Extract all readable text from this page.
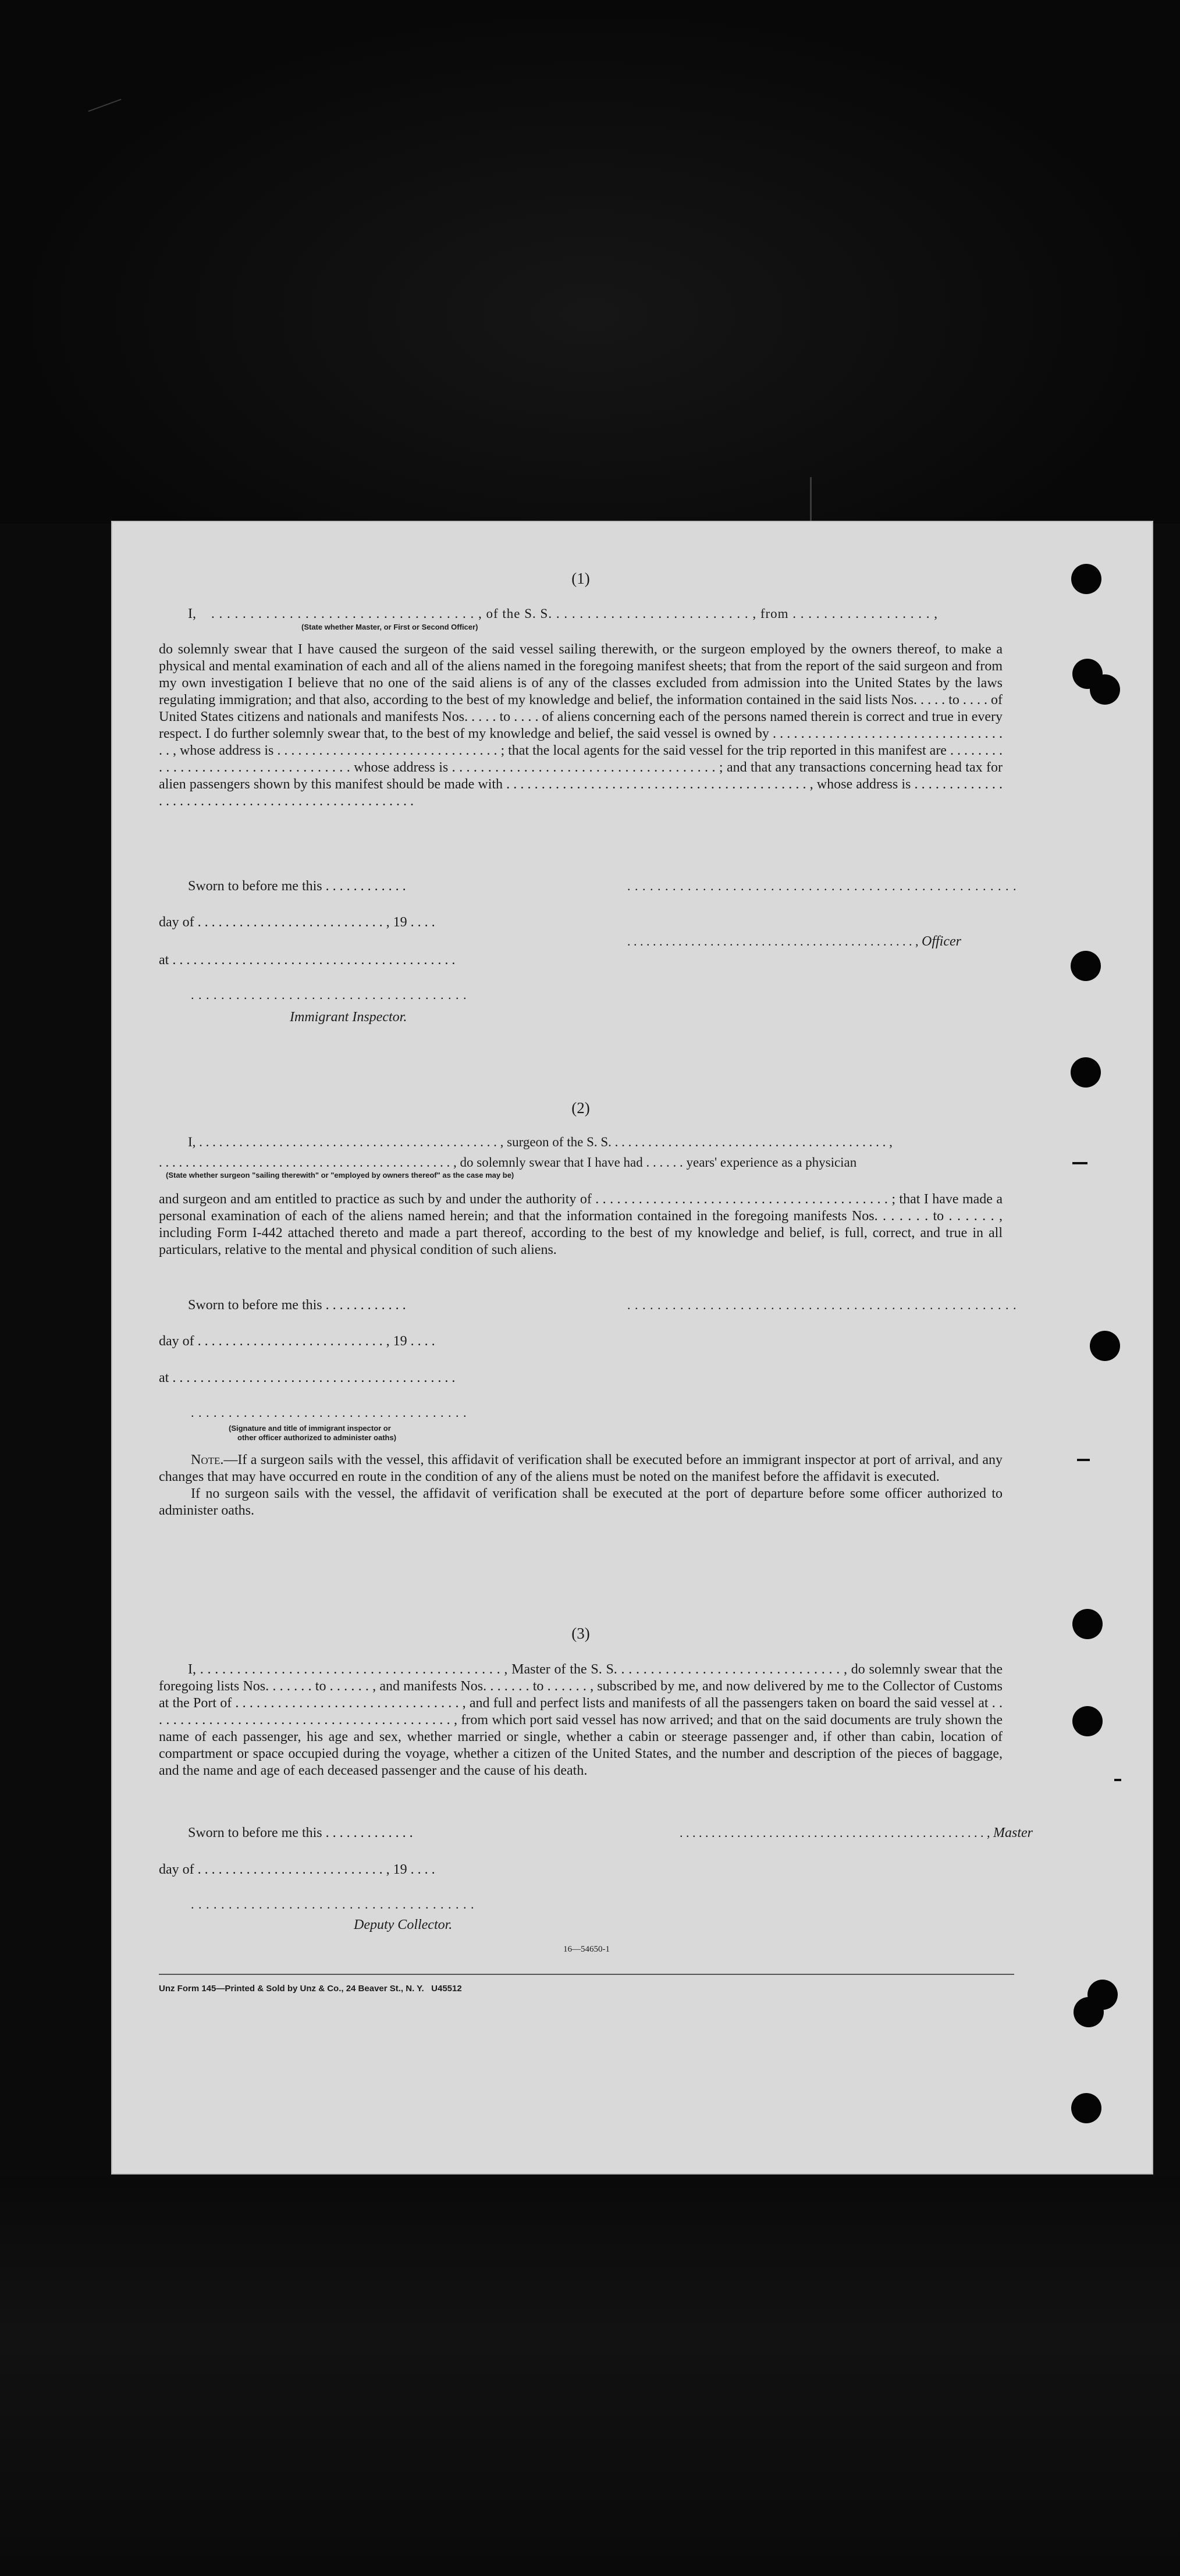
(1)
I, . . . . . . . . . . . . . . . . . . . . . . . . . . . . . . . . . . , of the S. S. . . . . . . . . . . . . . . . . . . . . . . . . . , from . . . . . . . . . . . . . . . . . . ,
(State whether Master, or First or Second Officer)

do solemnly swear that I have caused the surgeon of the said vessel sailing therewith, or the surgeon employed by the owners thereof, to make a physical and mental examination of each and all of the aliens named in the foregoing manifest sheets; that from the report of the said surgeon and from my own investigation I believe that no one of the said aliens is of any of the classes excluded from admission into the United States by the laws regulating immigration; and that also, according to the best of my knowledge and belief, the information contained in the said lists Nos. . . . . to . . . . of United States citizens and nationals and manifests Nos. . . . . to . . . . of aliens concerning each of the persons named therein is correct and true in every respect. I do further solemnly swear that, to the best of my knowledge and belief, the said vessel is owned by . . . . . . . . . . . . . . . . . . . . . . . . . . . . . . . . . . . , whose address is . . . . . . . . . . . . . . . . . . . . . . . . . . . . . . . . ; that the local agents for the said vessel for the trip reported in this manifest are . . . . . . . . . . . . . . . . . . . . . . . . . . . . . . . . . . . whose address is . . . . . . . . . . . . . . . . . . . . . . . . . . . . . . . . . . . . . ; and that any transactions concerning head tax for alien passengers shown by this manifest should be made with . . . . . . . . . . . . . . . . . . . . . . . . . . . . . . . . . . . . . . . . . . . , whose address is . . . . . . . . . . . . . . . . . . . . . . . . . . . . . . . . . . . . . . . . . . . . . . . . . .

Sworn to before me this . . . . . . . . . . . .	. . . . . . . . . . . . . . . . . . . . . . . . . . . . . . . . . . . . . . . . . . . . . . . . . . . .
day of . . . . . . . . . . . . . . . . . . . . . . . . . . . , 19 . . . .
. . . . . . . . . . . . . . . . . . . . . . . . . . . . . . . . . . . . . . . . . . . . . , Officer
at . . . . . . . . . . . . . . . . . . . . . . . . . . . . . . . . . . . . . . . . .
. . . . . . . . . . . . . . . . . . . . . . . . . . . . . . . . . . . . .
Immigrant Inspector.
(2)
I, . . . . . . . . . . . . . . . . . . . . . . . . . . . . . . . . . . . . . . . . . . . . . , surgeon of the S. S. . . . . . . . . . . . . . . . . . . . . . . . . . . . . . . . . . . . . . . . . . ,
. . . . . . . . . . . . . . . . . . . . . . . . . . . . . . . . . . . . . . . . . . . . , do solemnly swear that I have had . . . . . . years' experience as a physician
(State whether surgeon "sailing therewith" or "employed by owners thereof" as the case may be)

and surgeon and am entitled to practice as such by and under the authority of . . . . . . . . . . . . . . . . . . . . . . . . . . . . . . . . . . . . . . . . . ; that I have made a personal examination of each of the aliens named herein; and that the information contained in the foregoing manifests Nos. . . . . . . to . . . . . . , including Form I-442 attached thereto and made a part thereof, according to the best of my knowledge and belief, is full, correct, and true in all particulars, relative to the mental and physical condition of such aliens.

Sworn to before me this . . . . . . . . . . . .	. . . . . . . . . . . . . . . . . . . . . . . . . . . . . . . . . . . . . . . . . . . . . . . . . . . .
day of . . . . . . . . . . . . . . . . . . . . . . . . . . . , 19 . . . .
at . . . . . . . . . . . . . . . . . . . . . . . . . . . . . . . . . . . . . . . . .
. . . . . . . . . . . . . . . . . . . . . . . . . . . . . . . . . . . . .
(Signature and title of immigrant inspector or
other officer authorized to administer oaths)

Note.—If a surgeon sails with the vessel, this affidavit of verification shall be executed before an immigrant inspector at port of arrival, and any changes that may have occurred en route in the condition of any of the aliens must be noted on the manifest before the affidavit is executed.

If no surgeon sails with the vessel, the affidavit of verification shall be executed at the port of departure before some officer authorized to administer oaths.

(3)

I, . . . . . . . . . . . . . . . . . . . . . . . . . . . . . . . . . . . . . . . . . , Master of the S. S. . . . . . . . . . . . . . . . . . . . . . . . . . . . . . . , do solemnly swear that the foregoing lists Nos. . . . . . . to . . . . . . , and manifests Nos. . . . . . . to . . . . . . , subscribed by me, and now delivered by me to the Collector of Customs at the Port of . . . . . . . . . . . . . . . . . . . . . . . . . . . . . . . . , and full and perfect lists and manifests of all the passengers taken on board the said vessel at . . . . . . . . . . . . . . . . . . . . . . . . . . . . . . . . . . . . . . . . . . . , from which port said vessel has now arrived; and that on the said documents are truly shown the name of each passenger, his age and sex, whether married or single, whether a cabin or steerage passenger and, if other than cabin, location of compartment or space occupied during the voyage, whether a citizen of the United States, and the number and description of the pieces of baggage, and the name and age of each deceased passenger and the cause of his death.

Sworn to before me this . . . . . . . . . . . . .	. . . . . . . . . . . . . . . . . . . . . . . . . . . . . . . . . . . . . . . . . . . . . . . . , Master
day of . . . . . . . . . . . . . . . . . . . . . . . . . . . , 19 . . . .
. . . . . . . . . . . . . . . . . . . . . . . . . . . . . . . . . . . . . .
Deputy Collector.
16—54650-1
Unz Form 145—Printed & Sold by Unz & Co., 24 Beaver St., N. Y.   U45512
